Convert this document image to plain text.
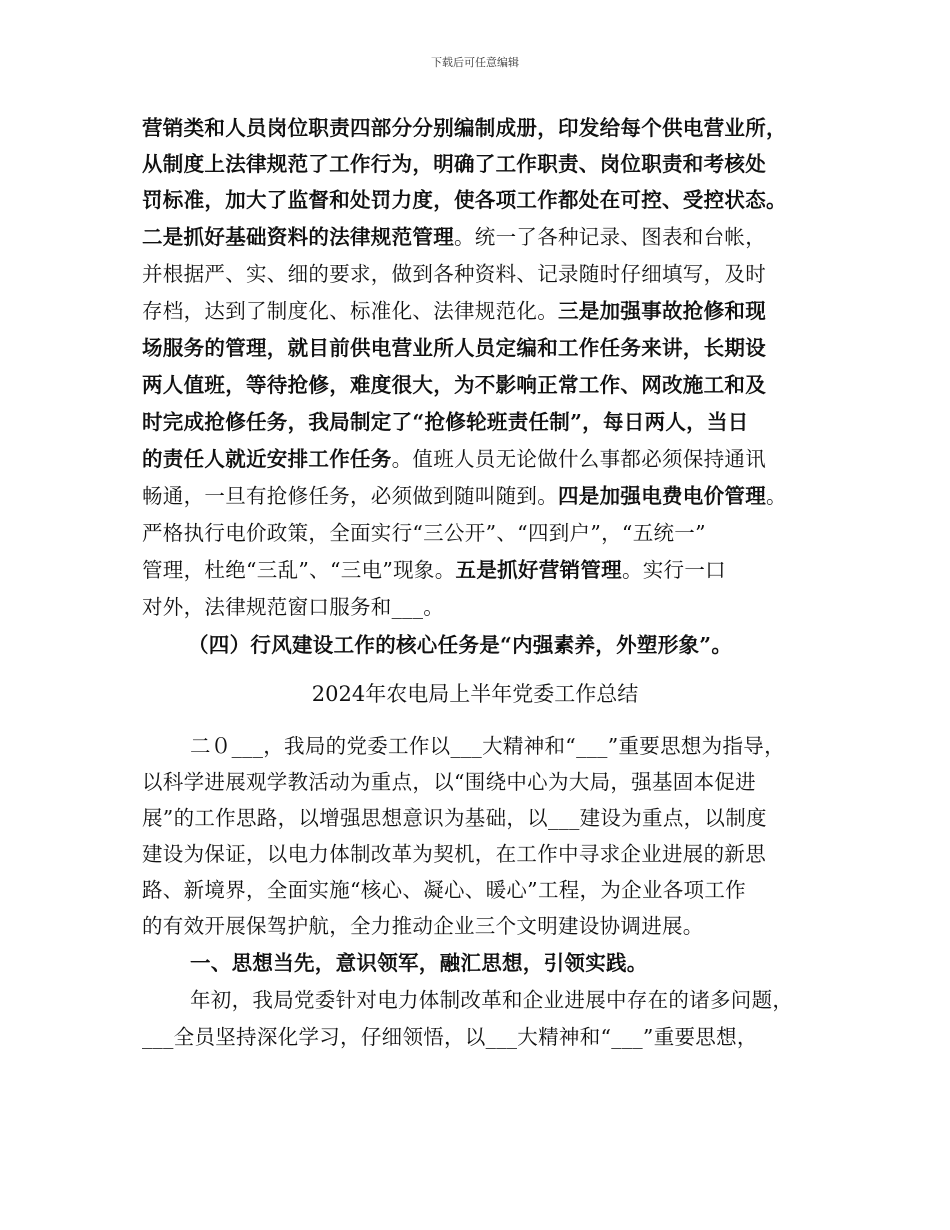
下载后可任意编辑
营销类和人员岗位职责四部分分别编制成册，印发给每个供电营业所，
从制度上法律规范了工作行为，明确了工作职责、岗位职责和考核处
罚标准，加大了监督和处罚力度，使各项工作都处在可控、受控状态。
二是抓好基础资料的法律规范管理。统一了各种记录、图表和台帐，
并根据严、实、细的要求，做到各种资料、记录随时仔细填写，及时
存档，达到了制度化、标准化、法律规范化。三是加强事故抢修和现
场服务的管理，就目前供电营业所人员定编和工作任务来讲，长期设
两人值班，等待抢修，难度很大，为不影响正常工作、网改施工和及
时完成抢修任务，我局制定了“抢修轮班责任制”，每日两人，当日
的责任人就近安排工作任务。值班人员无论做什么事都必须保持通讯
畅通，一旦有抢修任务，必须做到随叫随到。四是加强电费电价管理。
严格执行电价政策，全面实行“三公开”、“四到户”，“五统一”
管理，杜绝“三乱”、“三电”现象。五是抓好营销管理。实行一口
对外，法律规范窗口服务和___。
（四）行风建设工作的核心任务是“内强素养，外塑形象”。
2024年农电局上半年党委工作总结
二０___，我局的党委工作以___大精神和“___”重要思想为指导，
以科学进展观学教活动为重点，以“围绕中心为大局，强基固本促进
展”的工作思路，以增强思想意识为基础，以___建设为重点，以制度
建设为保证，以电力体制改革为契机，在工作中寻求企业进展的新思
路、新境界，全面实施“核心、凝心、暖心”工程，为企业各项工作
的有效开展保驾护航，全力推动企业三个文明建设协调进展。
一、思想当先，意识领军，融汇思想，引领实践。
年初，我局党委针对电力体制改革和企业进展中存在的诸多问题，
___全员坚持深化学习，仔细领悟，以___大精神和“___”重要思想，
